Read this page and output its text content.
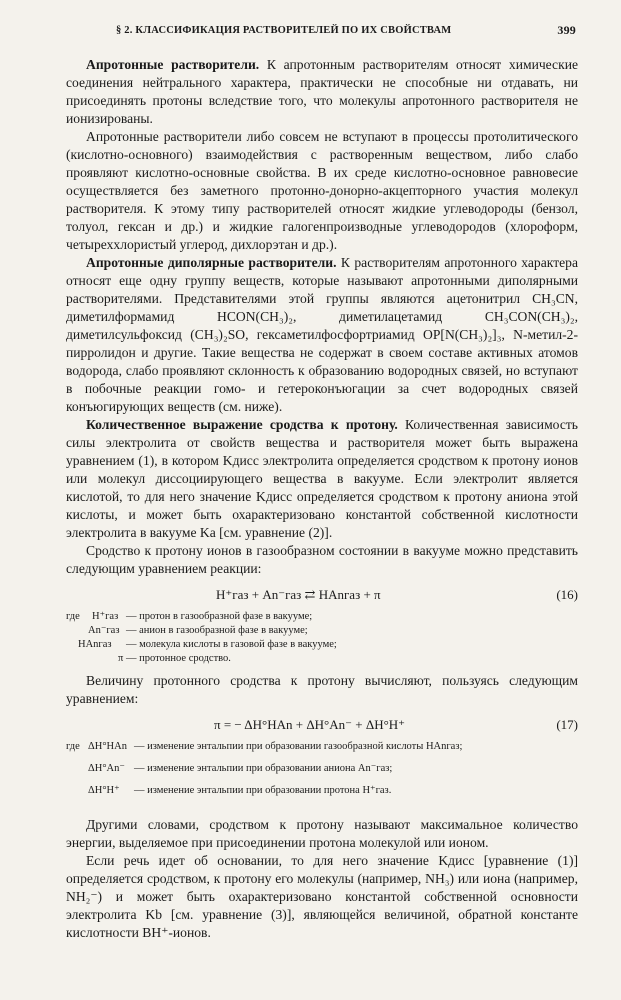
§ 2. КЛАССИФИКАЦИЯ РАСТВОРИТЕЛЕЙ ПО ИХ СВОЙСТВАМ	399

Апротонные растворители. К апротонным растворителям относят химические соединения нейтрального характера, практически не способные ни отдавать, ни присоединять протоны вследствие того, что молекулы апротонного растворителя не ионизированы.

Апротонные растворители либо совсем не вступают в процессы протолитического (кислотно-основного) взаимодействия с растворенным веществом, либо слабо проявляют кислотно-основные свойства. В их среде кислотно-основное равновесие осуществляется без заметного протонно-донорно-акцепторного участия молекул растворителя. К этому типу растворителей относят жидкие углеводороды (бензол, толуол, гексан и др.) и жидкие галогенпроизводные углеводородов (хлороформ, четыреххлористый углерод, дихлорэтан и др.).

Апротонные диполярные растворители. К растворителям апротонного характера относят еще одну группу веществ, которые называют апротонными диполярными растворителями. Представителями этой группы являются ацетонитрил CH₃CN, диметилформамид HCON(CH₃)₂, диметилацетамид CH₃CON(CH₃)₂, диметилсульфоксид (CH₃)₂SO, гексаметилфосфортриамид OP[N(CH₃)₂]₃, N-метил-2-пирролидон и другие. Такие вещества не содержат в своем составе активных атомов водорода, слабо проявляют склонность к образованию водородных связей, но вступают в побочные реакции гомо- и гетероконъюгации за счет водородных связей конъюгирующих веществ (см. ниже).

Количественное выражение сродства к протону. Количественная зависимость силы электролита от свойств вещества и растворителя может быть выражена уравнением (1), в котором Kдисс электролита определяется сродством к протону ионов или молекул диссоциирующего вещества в вакууме. Если электролит является кислотой, то для него значение Kдисс определяется сродством к протону аниона этой кислоты, и может быть охарактеризовано константой собственной кислотности электролита в вакууме Ka [см. уравнение (2)].

Сродство к протону ионов в газообразном состоянии в вакууме можно представить следующим уравнением реакции:

H⁺газ + An⁻газ ⇄ HAnгаз + π	(16)
где H⁺газ — протон в газообразной фазе в вакууме;
An⁻газ — анион в газообразной фазе в вакууме;
HAnгаз — молекула кислоты в газовой фазе в вакууме;
π — протонное сродство.

Величину протонного сродства к протону вычисляют, пользуясь следующим уравнением:

π = − ΔH°HAn + ΔH°An⁻ + ΔH°H⁺	(17)
где ΔH°HAn — изменение энтальпии при образовании газообразной кислоты HAnгаз;
ΔH°An⁻ — изменение энтальпии при образовании аниона An⁻газ;
ΔH°H⁺ — изменение энтальпии при образовании протона H⁺газ.

Другими словами, сродством к протону называют максимальное количество энергии, выделяемое при присоединении протона молекулой или ионом.

Если речь идет об основании, то для него значение Kдисс [уравнение (1)] определяется сродством, к протону его молекулы (например, NH₃) или иона (например, NH₂⁻) и может быть охарактеризовано константой собственной основности электролита Kb [см. уравнение (3)], являющейся величиной, обратной константе кислотности BH⁺-ионов.
